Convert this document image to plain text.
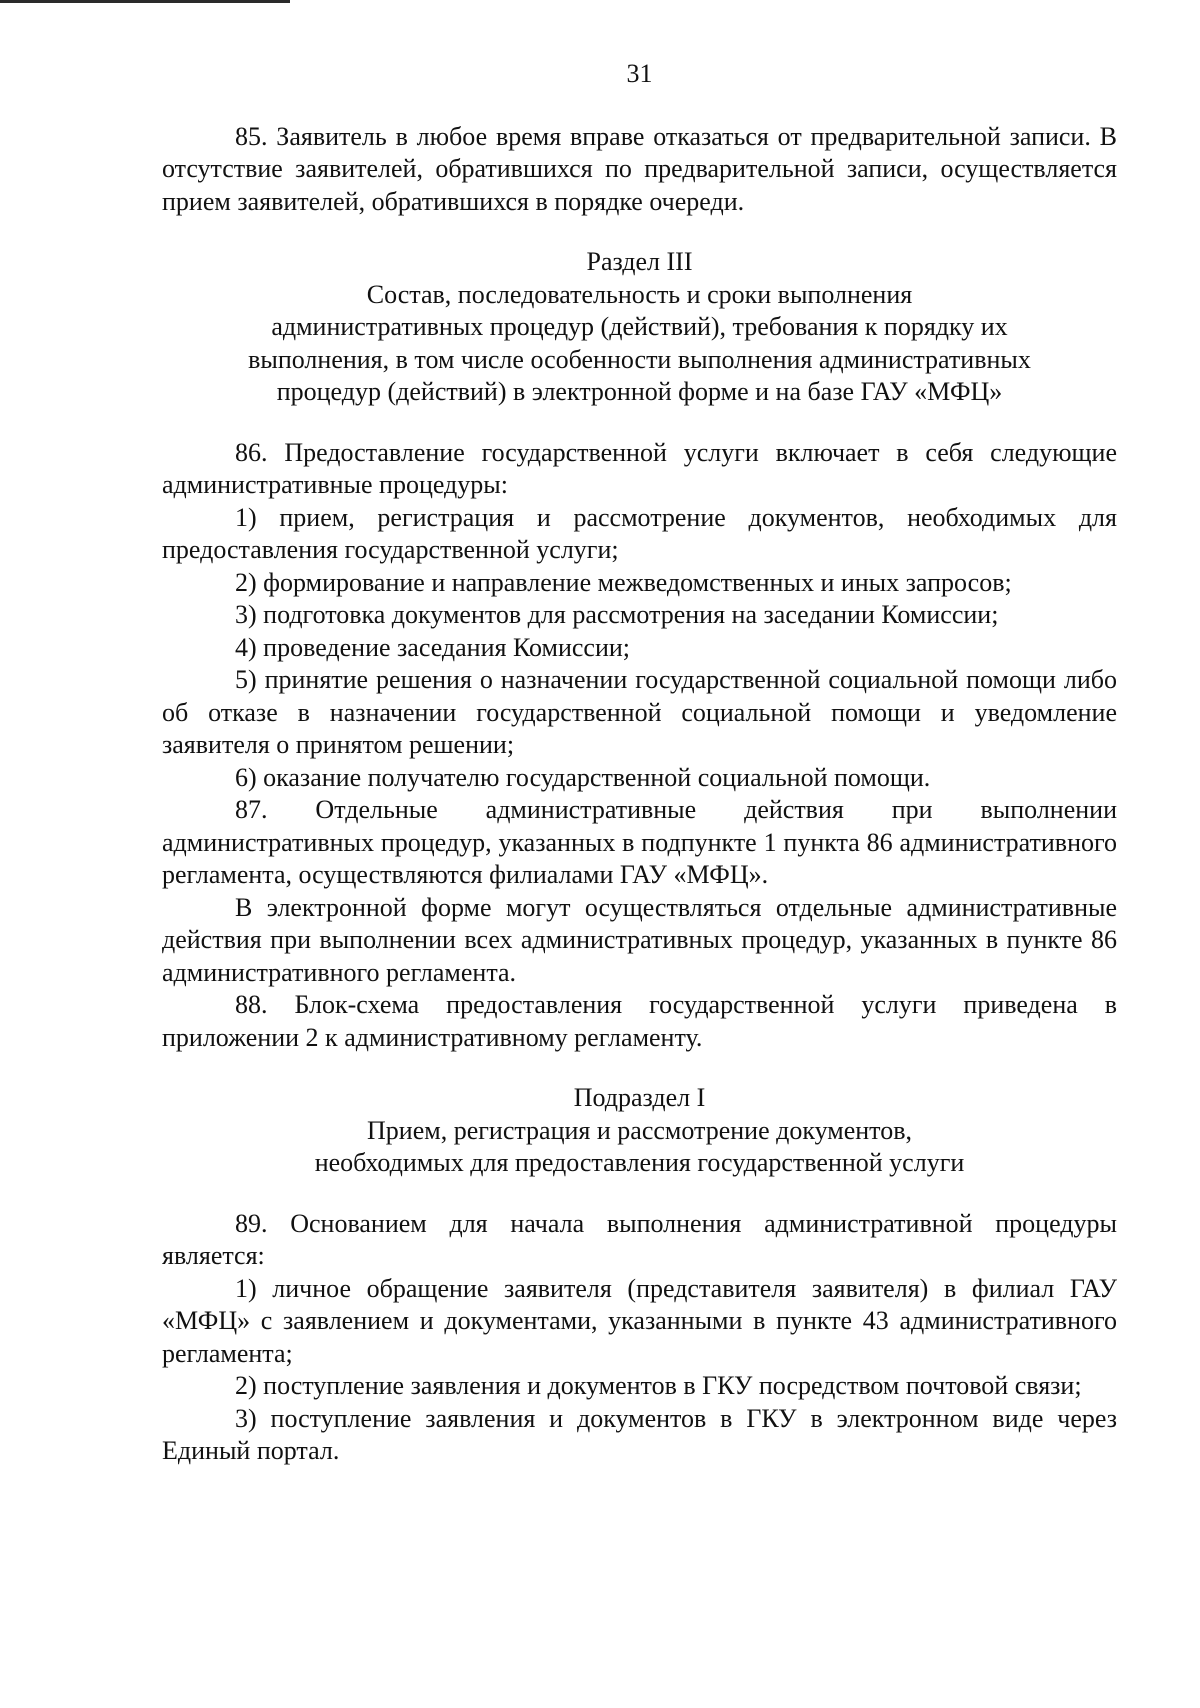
31

85. Заявитель в любое время вправе отказаться от предварительной записи. В отсутствие заявителей, обратившихся по предварительной записи, осуществляется прием заявителей, обратившихся в порядке очереди.

Раздел III
Состав, последовательность и сроки выполнения
административных процедур (действий), требования к порядку их
выполнения, в том числе особенности выполнения административных
процедур (действий) в электронной форме и на базе ГАУ «МФЦ»

86. Предоставление государственной услуги включает в себя следующие административные процедуры:

1) прием, регистрация и рассмотрение документов, необходимых для предоставления государственной услуги;

2) формирование и направление межведомственных и иных запросов;

3) подготовка документов для рассмотрения на заседании Комиссии;

4) проведение заседания Комиссии;

5) принятие решения о назначении государственной социальной помощи либо об отказе в назначении государственной социальной помощи и уведомление заявителя о принятом решении;

6) оказание получателю государственной социальной помощи.

87. Отдельные административные действия при выполнении административных процедур, указанных в подпункте 1 пункта 86 административного регламента, осуществляются филиалами ГАУ «МФЦ».

В электронной форме могут осуществляться отдельные административные действия при выполнении всех административных процедур, указанных в пункте 86 административного регламента.

88. Блок-схема предоставления государственной услуги приведена в приложении 2 к административному регламенту.

Подраздел I
Прием, регистрация и рассмотрение документов,
необходимых для предоставления государственной услуги

89. Основанием для начала выполнения административной процедуры является:

1) личное обращение заявителя (представителя заявителя) в филиал ГАУ «МФЦ» с заявлением и документами, указанными в пункте 43 административного регламента;

2) поступление заявления и документов в ГКУ посредством почтовой связи;

3) поступление заявления и документов в ГКУ в электронном виде через Единый портал.
